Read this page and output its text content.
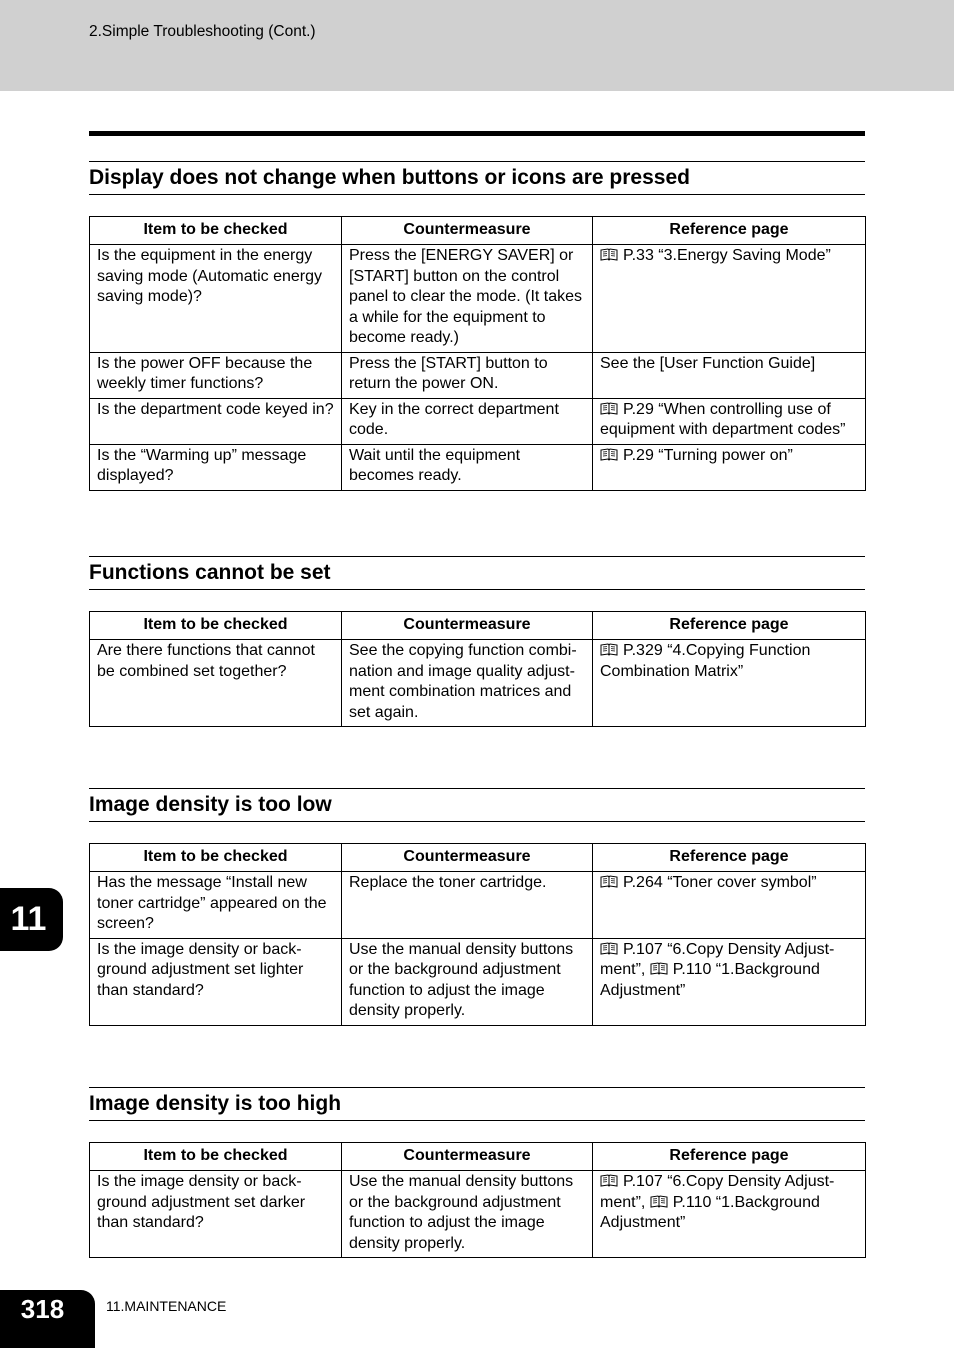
2.Simple Troubleshooting (Cont.)
Display does not change when buttons or icons are pressed
Item to be checked	Countermeasure	Reference page
Is the equipment in the energy saving mode (Automatic energy saving mode)?	Press the [ENERGY SAVER] or [START] button on the control panel to clear the mode. (It takes a while for the equipment to become ready.)	P.33 “3.Energy Saving Mode”
Is the power OFF because the weekly timer functions?	Press the [START] button to return the power ON.	See the [User Function Guide]
Is the department code keyed in?	Key in the correct department code.	P.29 “When controlling use of equipment with department codes”
Is the “Warming up” message displayed?	Wait until the equipment becomes ready.	P.29 “Turning power on”
Functions cannot be set
Item to be checked	Countermeasure	Reference page
Are there functions that cannot be combined set together?	See the copying function combi-nation and image quality adjust-ment combination matrices and set again.	P.329 “4.Copying Function Combination Matrix”
Image density is too low
Item to be checked	Countermeasure	Reference page
Has the message “Install new toner cartridge” appeared on the screen?	Replace the toner cartridge.	P.264 “Toner cover symbol”
Is the image density or back-ground adjustment set lighter than standard?	Use the manual density buttons or the background adjustment function to adjust the image density properly.	P.107 “6.Copy Density Adjust-ment”, P.110 “1.Background Adjustment”
Image density is too high
Item to be checked	Countermeasure	Reference page
Is the image density or back-ground adjustment set darker than standard?	Use the manual density buttons or the background adjustment function to adjust the image density properly.	P.107 “6.Copy Density Adjust-ment”, P.110 “1.Background Adjustment”
11
318	11.MAINTENANCE
